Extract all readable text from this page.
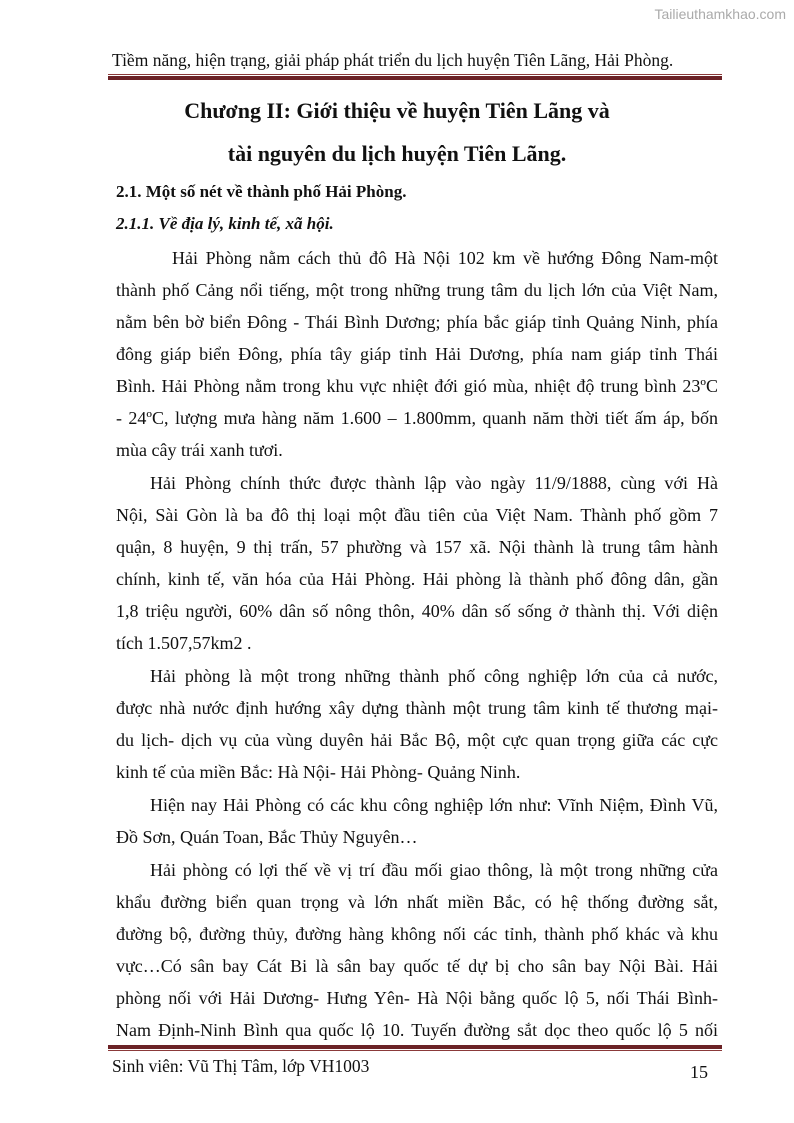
Tailieuthamkhao.com
Tiềm năng, hiện trạng, giải pháp phát triển du lịch huyện Tiên Lãng, Hải Phòng.
Chương II: Giới thiệu về huyện Tiên Lãng và
tài nguyên du lịch huyện Tiên Lãng.
2.1. Một số nét về thành phố Hải Phòng.
2.1.1. Về địa lý, kinh tế, xã hội.
Hải Phòng nằm cách thủ đô Hà Nội 102 km về hướng Đông Nam-một
thành phố Cảng nổi tiếng, một trong những trung tâm du lịch lớn của Việt Nam,
nằm bên bờ biển Đông - Thái Bình Dương; phía bắc giáp tỉnh Quảng Ninh, phía
đông giáp biển Đông, phía tây giáp tỉnh Hải Dương, phía nam giáp tỉnh Thái
Bình. Hải Phòng nằm trong khu vực nhiệt đới gió mùa, nhiệt độ trung bình 23ºC
- 24ºC, lượng mưa hàng năm 1.600 – 1.800mm, quanh năm thời tiết ấm áp, bốn
mùa cây trái xanh tươi.
Hải Phòng chính thức được thành lập vào ngày 11/9/1888, cùng với Hà
Nội, Sài Gòn là ba đô thị loại một đầu tiên của Việt Nam. Thành phố gồm 7
quận, 8 huyện, 9 thị trấn, 57 phường và 157 xã. Nội thành là trung tâm hành
chính, kinh tế, văn hóa của Hải Phòng. Hải phòng là thành phố đông dân, gần
1,8 triệu người, 60% dân số nông thôn, 40% dân số sống ở thành thị. Với diện
tích 1.507,57km2 .
Hải phòng là một trong những thành phố công nghiệp lớn của cả nước,
được nhà nước định hướng xây dựng thành một trung tâm kinh tế thương mại-
du lịch- dịch vụ của vùng duyên hải Bắc Bộ, một cực quan trọng giữa các cực
kinh tế của miền Bắc: Hà Nội- Hải Phòng- Quảng Ninh.
Hiện nay Hải Phòng có các khu công nghiệp lớn như: Vĩnh Niệm, Đình Vũ,
Đồ Sơn, Quán Toan, Bắc Thủy Nguyên…
Hải phòng có lợi thế về vị trí đầu mối giao thông, là một trong những cửa
khẩu đường biển quan trọng và lớn nhất miền Bắc, có hệ thống đường sắt,
đường bộ, đường thủy, đường hàng không nối các tỉnh, thành phố khác và khu
vực…Có sân bay Cát Bi là sân bay quốc tế dự bị cho sân bay Nội Bài. Hải
phòng nối với Hải Dương- Hưng Yên- Hà Nội bằng quốc lộ 5, nối Thái Bình-
Nam Định-Ninh Bình qua quốc lộ 10. Tuyến đường sắt dọc theo quốc lộ 5 nối
Sinh viên: Vũ Thị Tâm, lớp VH1003	15
